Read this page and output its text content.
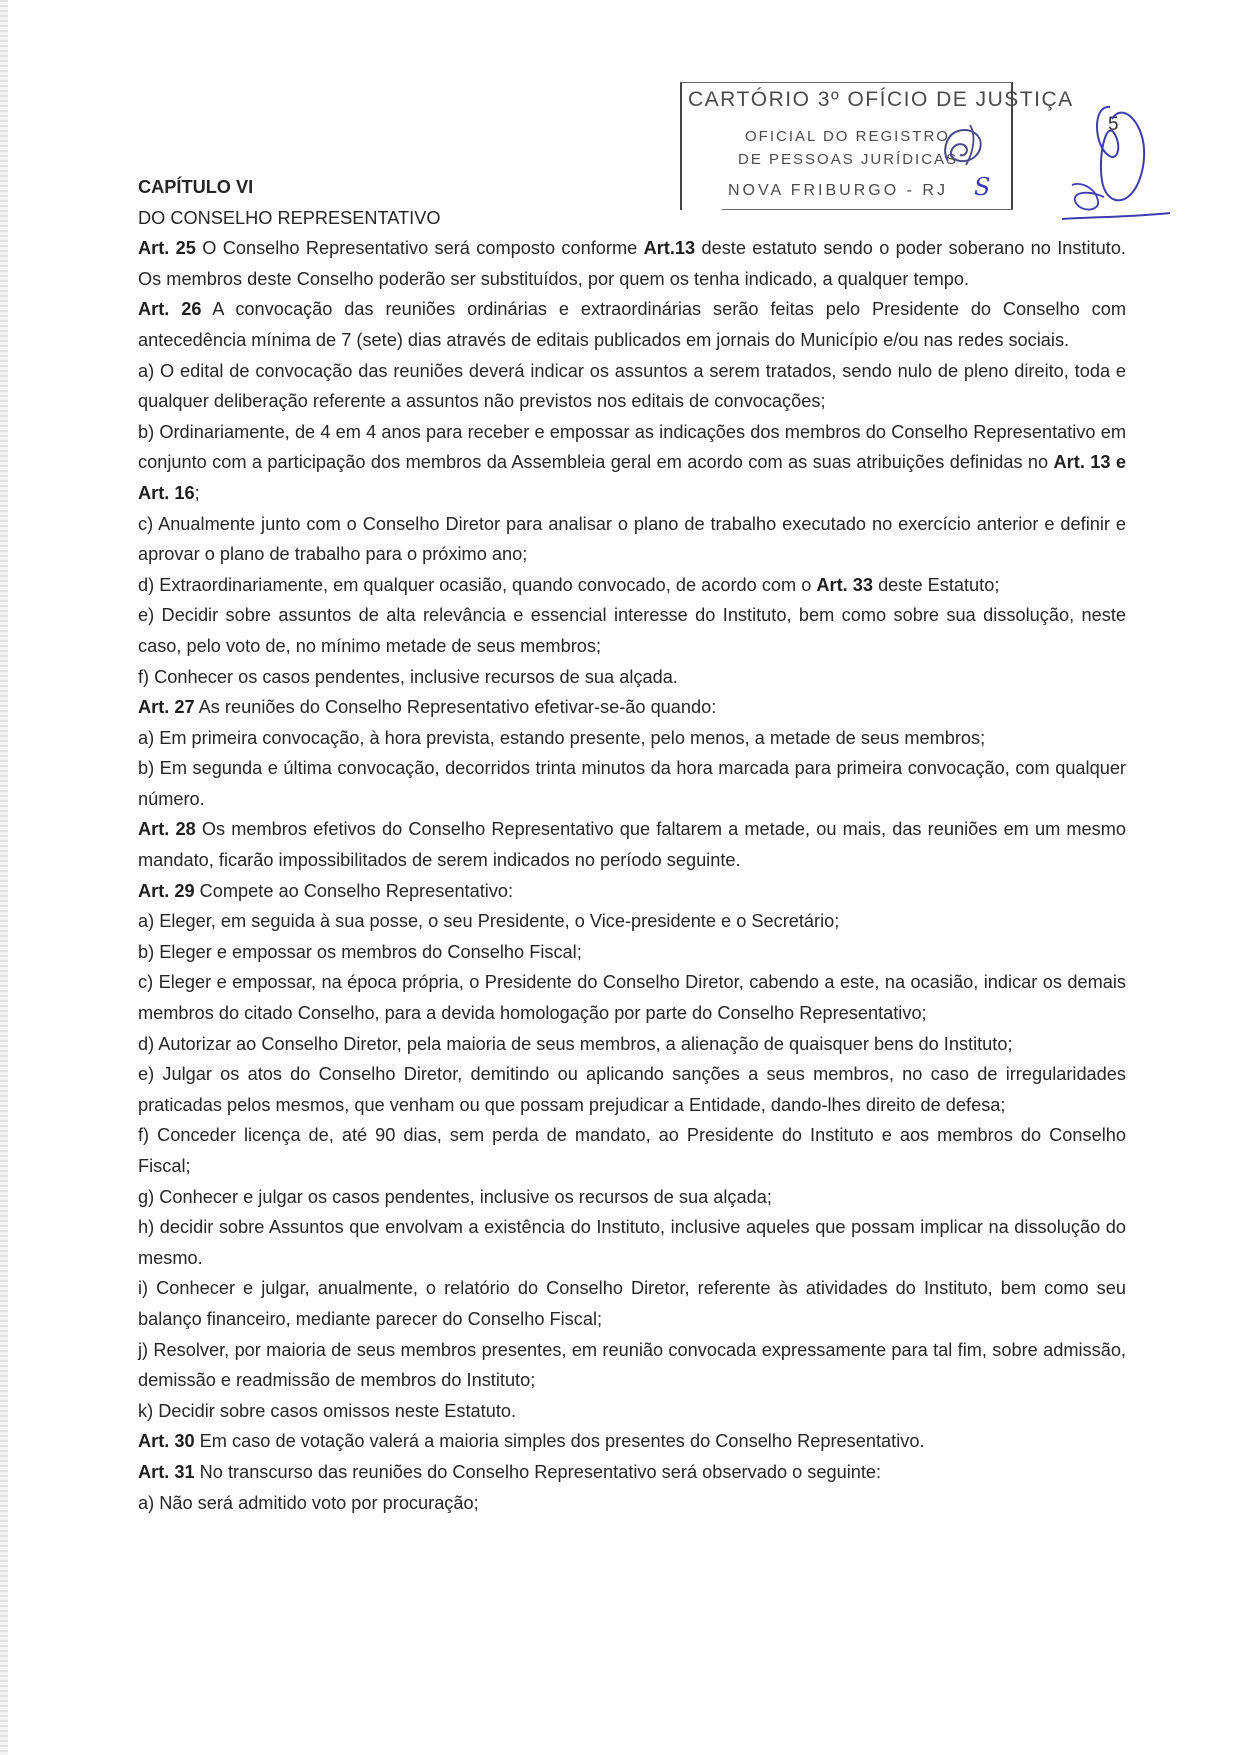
CARTÓRIO 3º OFÍCIO DE JUSTIÇA
OFICIAL DO REGISTRO
DE PESSOAS JURÍDICAS
NOVA FRIBURGO - RJ S
5

CAPÍTULO VI

DO CONSELHO REPRESENTATIVO

Art. 25 O Conselho Representativo será composto conforme Art.13 deste estatuto sendo o poder soberano no Instituto. Os membros deste Conselho poderão ser substituídos, por quem os tenha indicado, a qualquer tempo.

Art. 26 A convocação das reuniões ordinárias e extraordinárias serão feitas pelo Presidente do Conselho com antecedência mínima de 7 (sete) dias através de editais publicados em jornais do Município e/ou nas redes sociais.

a) O edital de convocação das reuniões deverá indicar os assuntos a serem tratados, sendo nulo de pleno direito, toda e qualquer deliberação referente a assuntos não previstos nos editais de convocações;

b) Ordinariamente, de 4 em 4 anos para receber e empossar as indicações dos membros do Conselho Representativo em conjunto com a participação dos membros da Assembleia geral em acordo com as suas atribuições definidas no Art. 13 e Art. 16;

c) Anualmente junto com o Conselho Diretor para analisar o plano de trabalho executado no exercício anterior e definir e aprovar o plano de trabalho para o próximo ano;

d) Extraordinariamente, em qualquer ocasião, quando convocado, de acordo com o Art. 33 deste Estatuto;

e) Decidir sobre assuntos de alta relevância e essencial interesse do Instituto, bem como sobre sua dissolução, neste caso, pelo voto de, no mínimo metade de seus membros;

f) Conhecer os casos pendentes, inclusive recursos de sua alçada.

Art. 27 As reuniões do Conselho Representativo efetivar-se-ão quando:

a) Em primeira convocação, à hora prevista, estando presente, pelo menos, a metade de seus membros;

b) Em segunda e última convocação, decorridos trinta minutos da hora marcada para primeira convocação, com qualquer número.

Art. 28 Os membros efetivos do Conselho Representativo que faltarem a metade, ou mais, das reuniões em um mesmo mandato, ficarão impossibilitados de serem indicados no período seguinte.

Art. 29 Compete ao Conselho Representativo:

a) Eleger, em seguida à sua posse, o seu Presidente, o Vice-presidente e o Secretário;

b) Eleger e empossar os membros do Conselho Fiscal;

c) Eleger e empossar, na época própria, o Presidente do Conselho Diretor, cabendo a este, na ocasião, indicar os demais membros do citado Conselho, para a devida homologação por parte do Conselho Representativo;

d) Autorizar ao Conselho Diretor, pela maioria de seus membros, a alienação de quaisquer bens do Instituto;

e) Julgar os atos do Conselho Diretor, demitindo ou aplicando sanções a seus membros, no caso de irregularidades praticadas pelos mesmos, que venham ou que possam prejudicar a Entidade, dando-lhes direito de defesa;

f) Conceder licença de, até 90 dias, sem perda de mandato, ao Presidente do Instituto e aos membros do Conselho Fiscal;

g) Conhecer e julgar os casos pendentes, inclusive os recursos de sua alçada;

h) decidir sobre Assuntos que envolvam a existência do Instituto, inclusive aqueles que possam implicar na dissolução do mesmo.

i) Conhecer e julgar, anualmente, o relatório do Conselho Diretor, referente às atividades do Instituto, bem como seu balanço financeiro, mediante parecer do Conselho Fiscal;

j) Resolver, por maioria de seus membros presentes, em reunião convocada expressamente para tal fim, sobre admissão, demissão e readmissão de membros do Instituto;

k) Decidir sobre casos omissos neste Estatuto.

Art. 30 Em caso de votação valerá a maioria simples dos presentes do Conselho Representativo.

Art. 31 No transcurso das reuniões do Conselho Representativo será observado o seguinte:

a) Não será admitido voto por procuração;
